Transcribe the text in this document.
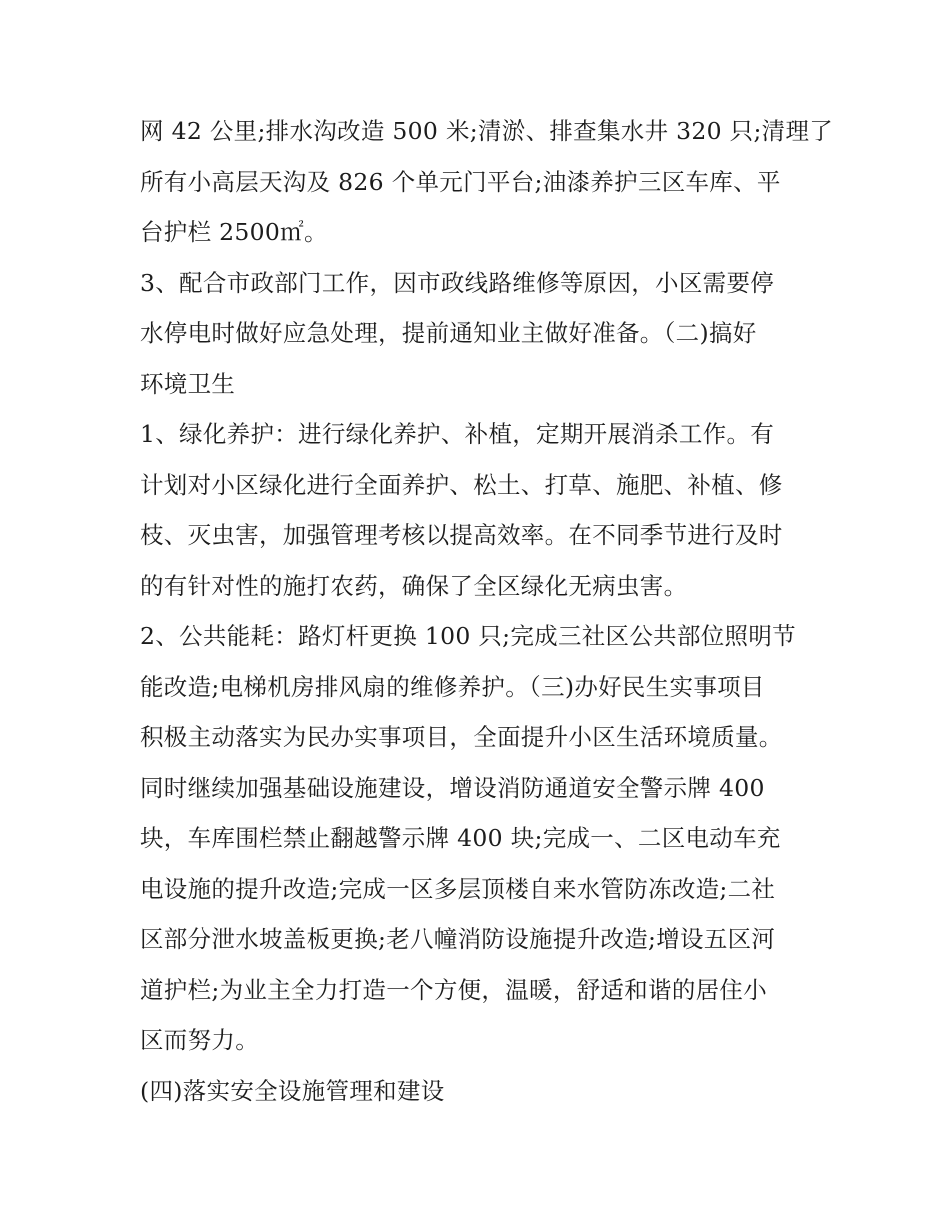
网 42 公里;排水沟改造 500 米;清淤、排查集水井 320 只;清理了
所有小高层天沟及 826 个单元门平台;油漆养护三区车库、平
台护栏 2500㎡。

3、配合市政部门工作，因市政线路维修等原因，小区需要停
水停电时做好应急处理，提前通知业主做好准备。（二)搞好
环境卫生

1、绿化养护：进行绿化养护、补植，定期开展消杀工作。有
计划对小区绿化进行全面养护、松土、打草、施肥、补植、修
枝、灭虫害，加强管理考核以提高效率。在不同季节进行及时
的有针对性的施打农药，确保了全区绿化无病虫害。

2、公共能耗：路灯杆更换 100 只;完成三社区公共部位照明节
能改造;电梯机房排风扇的维修养护。（三)办好民生实事项目
积极主动落实为民办实事项目，全面提升小区生活环境质量。
同时继续加强基础设施建设，增设消防通道安全警示牌 400
块，车库围栏禁止翻越警示牌 400 块;完成一、二区电动车充
电设施的提升改造;完成一区多层顶楼自来水管防冻改造;二社
区部分泄水坡盖板更换;老八幢消防设施提升改造;增设五区河
道护栏;为业主全力打造一个方便，温暖，舒适和谐的居住小
区而努力。

(四)落实安全设施管理和建设
